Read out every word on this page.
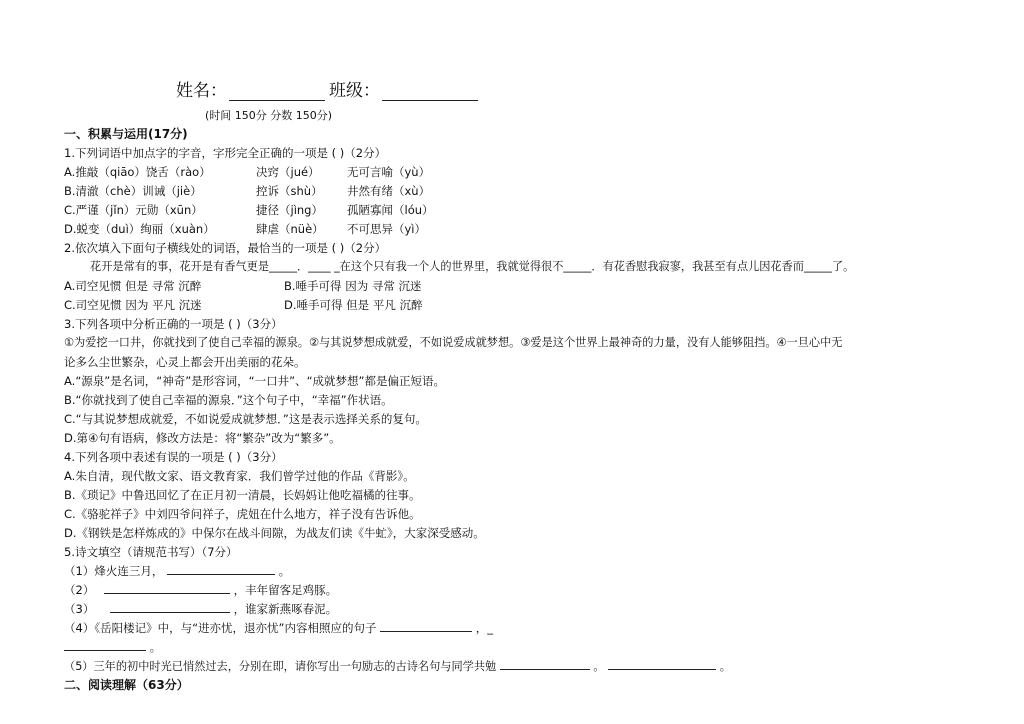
姓名：	班级：
(时间 150分 分数 150分)
一、积累与运用(17分)
1.下列词语中加点字的字音，字形完全正确的一项是 ( )（2分）
A.推敲（qiāo）饶舌（rào）	决窍（jué） 无可言喻（yù）
B.清澈（chè）训诫（jiè）	控诉（shù） 井然有绪（xù）
C.严谨（jǐn）元勋（xūn）	捷径（jìng） 孤陋寡闻（lóu）
D.蜕变（duì）绚丽（xuàn）	肆虐（nüè） 不可思异（yì）
2.依次填入下面句子横线处的词语，最恰当的一项是 ( )（2分）
花开是常有的事，花开是有香气更是_____．____ _在这个只有我一个人的世界里，我就觉得很不_____．有花香慰我寂寥，我甚至有点儿因花香而_____了。
A.司空见惯 但是 寻常 沉醉	B.唾手可得 因为 寻常 沉迷
C.司空见惯 因为 平凡 沉迷	D.唾手可得 但是 平凡 沉醉
3.下列各项中分析正确的一项是 ( )（3分）
①为爱挖一口井，你就找到了使自己幸福的源泉。②与其说梦想成就爱，不如说爱成就梦想。③爱是这个世界上最神奇的力量，没有人能够阻挡。④一旦心中无
论多么尘世繁杂，心灵上都会开出美丽的花朵。
A.“源泉”是名词，“神奇”是形容词，“一口井”、“成就梦想”都是偏正短语。
B.“你就找到了使自己幸福的源泉．”这个句子中，“幸福”作状语。
C.“与其说梦想成就爱，不如说爱成就梦想．”这是表示选择关系的复句。
D.第④句有语病，修改方法是：将“繁杂”改为“繁多”。
4.下列各项中表述有误的一项是 ( )（3分）
A.朱自清，现代散文家、语文教育家．我们曾学过他的作品《背影》。
B.《琐记》中鲁迅回忆了在正月初一清晨，长妈妈让他吃福橘的往事。
C.《骆驼祥子》中刘四爷问祥子，虎妞在什么地方，祥子没有告诉他。
D.《钢铁是怎样炼成的》中保尔在战斗间隙，为战友们读《牛虻》，大家深受感动。
5.诗文填空（请规范书写）（7分）
（1）烽火连三月，	。
（2）	，丰年留客足鸡豚。
（3）	，谁家新燕啄春泥。
（4）《岳阳楼记》中，与“进亦忧，退亦忧”内容相照应的句子	，_
。
（5）三年的初中时光已悄然过去，分别在即，请你写出一句励志的古诗名句与同学共勉	。	。
二、阅读理解（63分）
